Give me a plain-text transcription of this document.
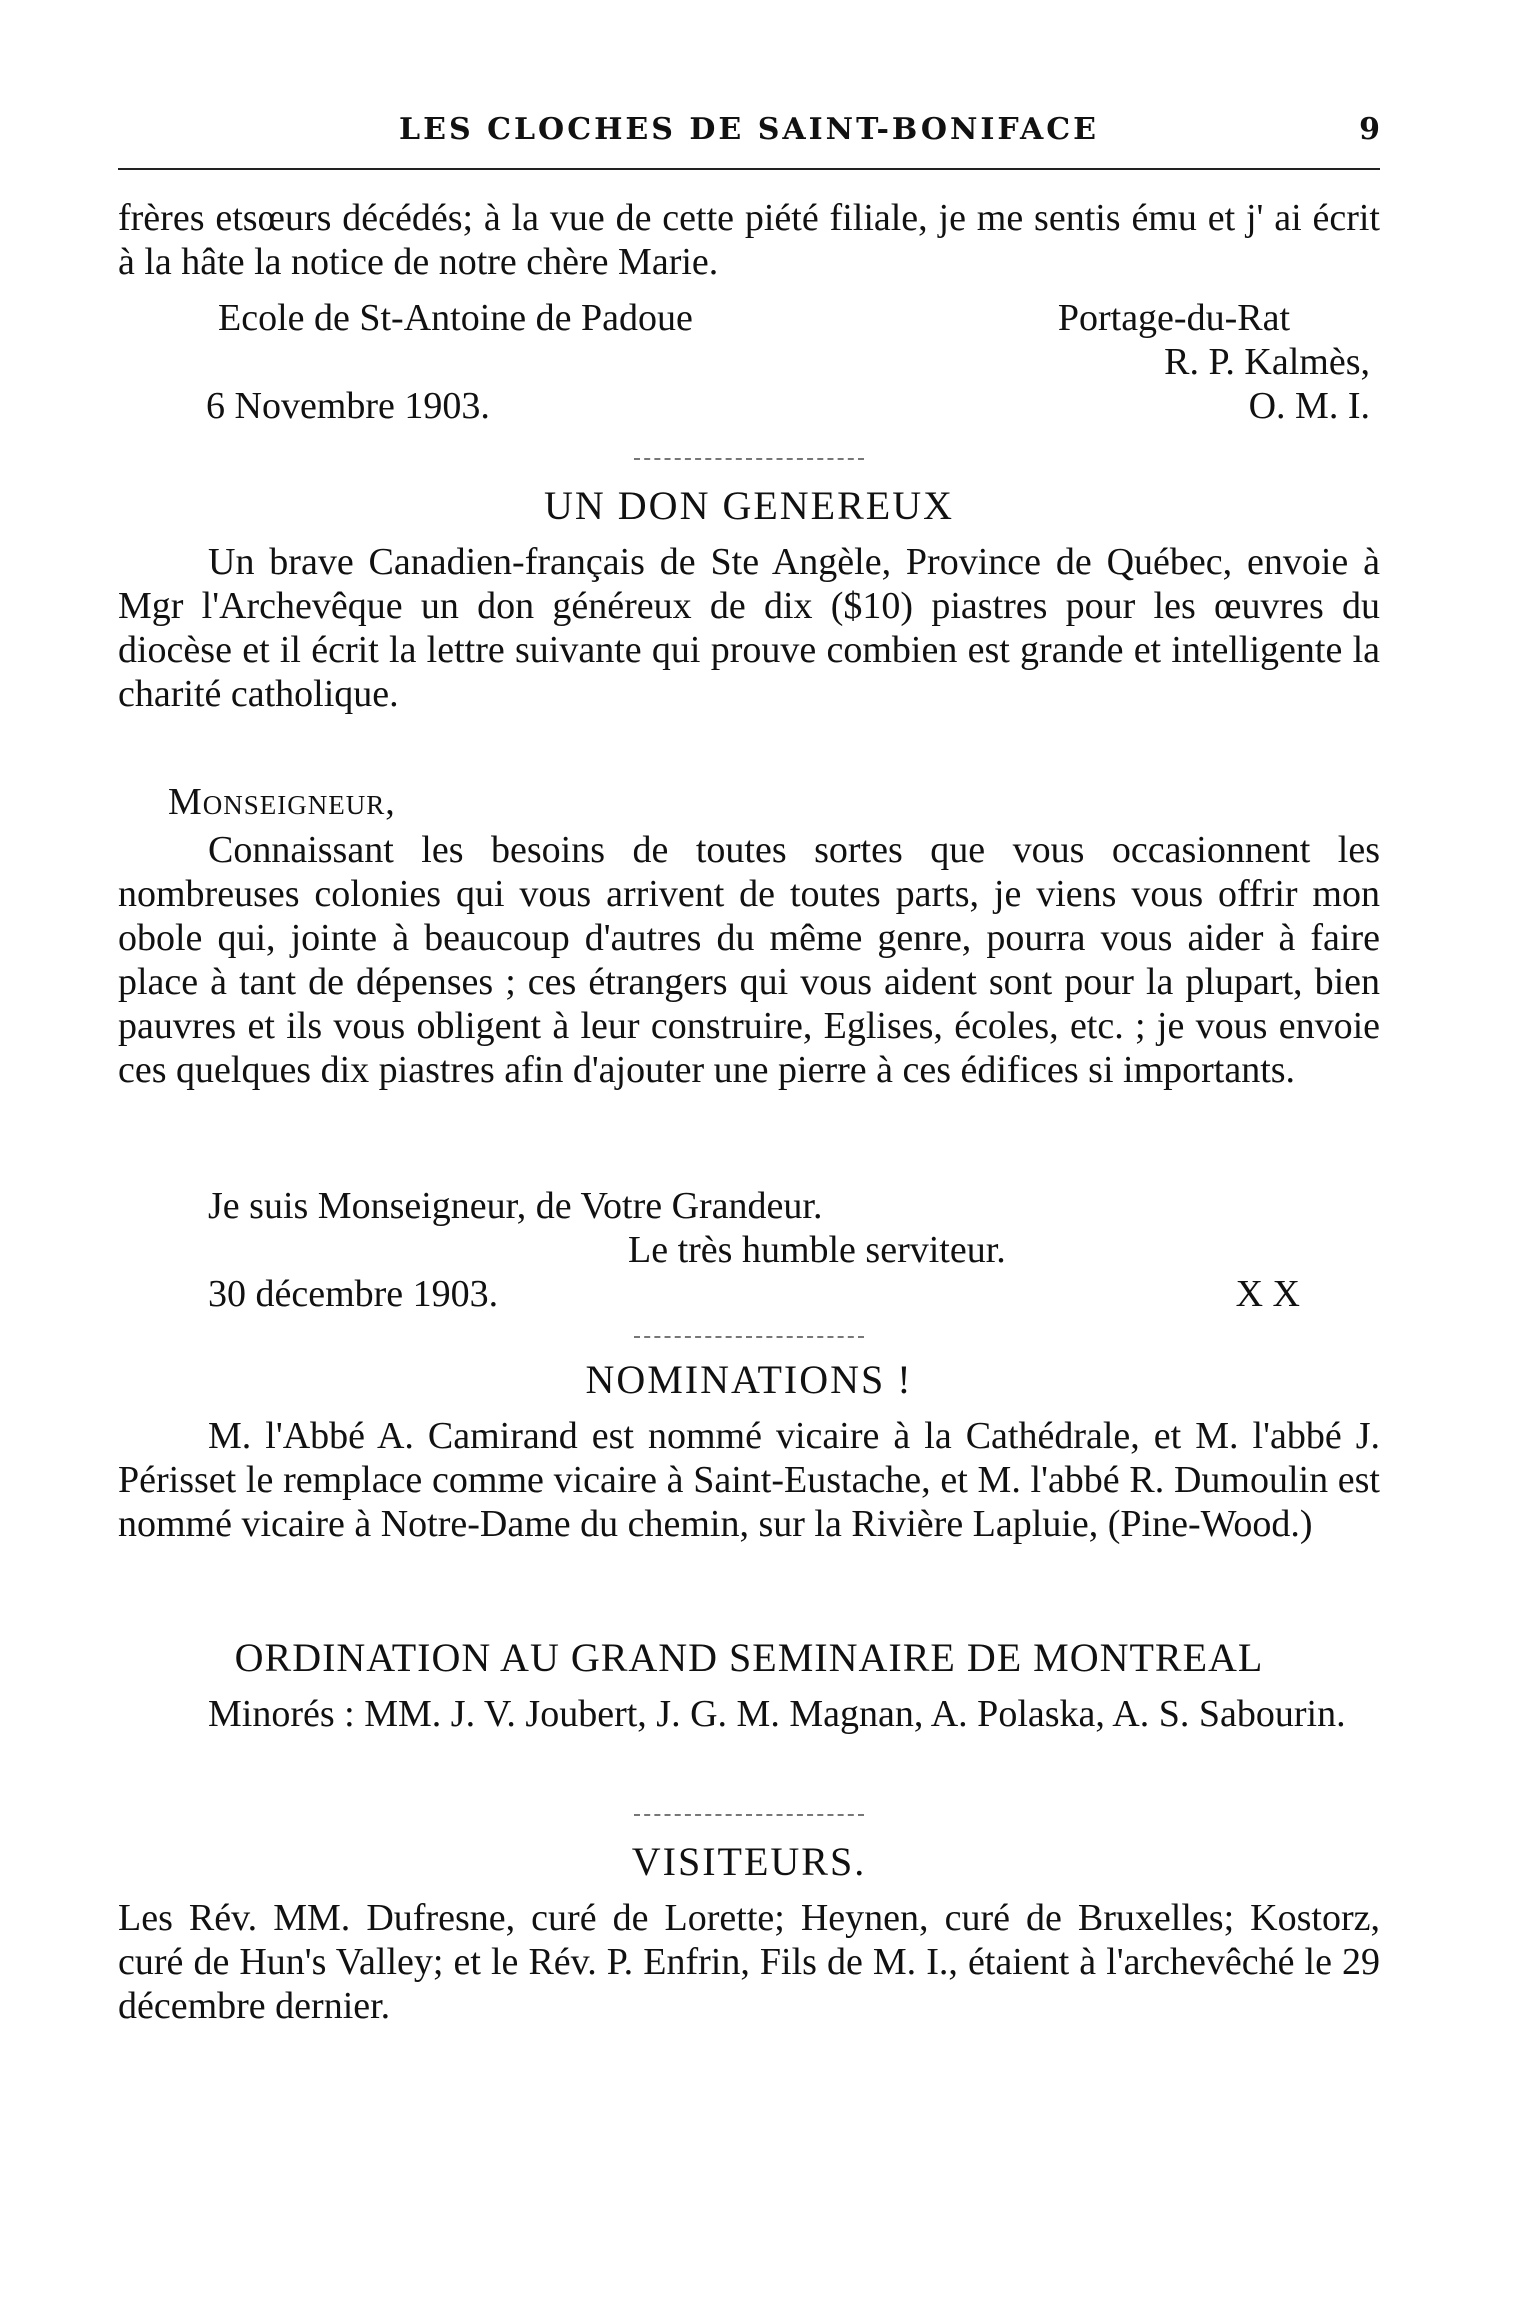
LES CLOCHES DE SAINT-BONIFACE	9

frères etsœurs décédés; à la vue de cette piété filiale, je me sentis ému et j' ai écrit à la hâte la notice de notre chère Marie.

Ecole de St-Antoine de Padoue	Portage-du-Rat
R. P. Kalmès,
6 Novembre 1903.	O. M. I.
UN DON GENEREUX

Un brave Canadien-français de Ste Angèle, Province de Québec, envoie à Mgr l'Archevêque un don généreux de dix ($10) piastres pour les œuvres du diocèse et il écrit la lettre suivante qui prouve combien est grande et intelligente la charité catholique.

Monseigneur,

Connaissant les besoins de toutes sortes que vous occasionnent les nombreuses colonies qui vous arrivent de toutes parts, je viens vous offrir mon obole qui, jointe à beaucoup d'autres du même genre, pourra vous aider à faire place à tant de dépenses ; ces étrangers qui vous aident sont pour la plupart, bien pauvres et ils vous obligent à leur construire, Eglises, écoles, etc. ; je vous envoie ces quelques dix piastres afin d'ajouter une pierre à ces édifices si importants.

Je suis Monseigneur, de Votre Grandeur.
Le très humble serviteur.
30 décembre 1903.	X X
NOMINATIONS !

M. l'Abbé A. Camirand est nommé vicaire à la Cathédrale, et M. l'abbé J. Périsset le remplace comme vicaire à Saint-Eustache, et M. l'abbé R. Dumoulin est nommé vicaire à Notre-Dame du chemin, sur la Rivière Lapluie, (Pine-Wood.)

ORDINATION AU GRAND SEMINAIRE DE MONTREAL

Minorés : MM. J. V. Joubert, J. G. M. Magnan, A. Polaska, A. S. Sabourin.

VISITEURS.

Les Rév. MM. Dufresne, curé de Lorette; Heynen, curé de Bruxelles; Kostorz, curé de Hun's Valley; et le Rév. P. Enfrin, Fils de M. I., étaient à l'archevêché le 29 décembre dernier.
